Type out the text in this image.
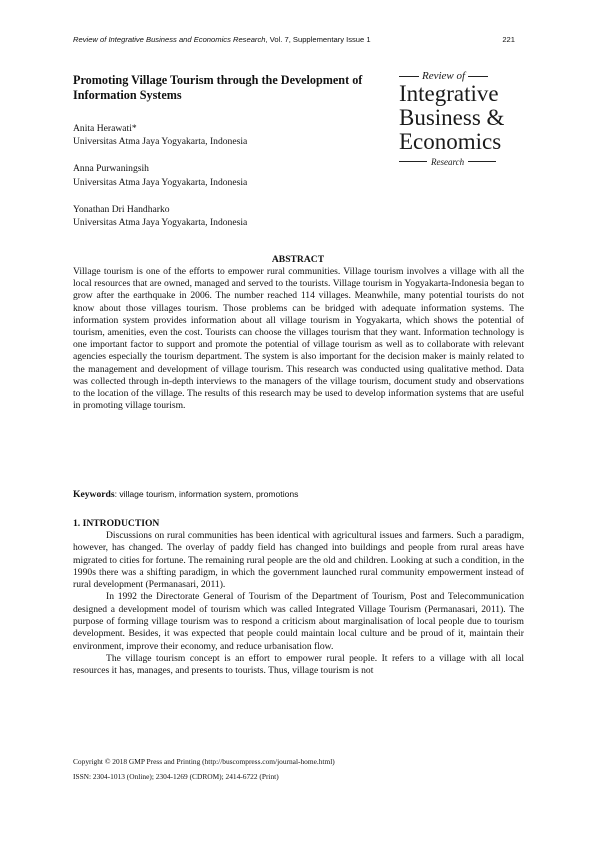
Review of Integrative Business and Economics Research, Vol. 7, Supplementary Issue 1	221
Promoting Village Tourism through the Development of Information Systems
Anita Herawati*
Universitas Atma Jaya Yogyakarta, Indonesia
Anna Purwaningsih
Universitas Atma Jaya Yogyakarta, Indonesia
Yonathan Dri Handharko
Universitas Atma Jaya Yogyakarta, Indonesia
Review of
Integrative
Business &
Economics
Research
ABSTRACT

Village tourism is one of the efforts to empower rural communities. Village tourism involves a village with all the local resources that are owned, managed and served to the tourists. Village tourism in Yogyakarta-Indonesia began to grow after the earthquake in 2006. The number reached 114 villages. Meanwhile, many potential tourists do not know about those villages tourism. Those problems can be bridged with adequate information systems. The information system provides information about all village tourism in Yogyakarta, which shows the potential of tourism, amenities, even the cost. Tourists can choose the villages tourism that they want. Information technology is one important factor to support and promote the potential of village tourism as well as to collaborate with relevant agencies especially the tourism department. The system is also important for the decision maker is mainly related to the management and development of village tourism. This research was conducted using qualitative method. Data was collected through in-depth interviews to the managers of the village tourism, document study and observations to the location of the village. The results of this research may be used to develop information systems that are useful in promoting village tourism.

Keywords: village tourism, information system, promotions
1. INTRODUCTION

Discussions on rural communities has been identical with agricultural issues and farmers. Such a paradigm, however, has changed. The overlay of paddy field has changed into buildings and people from rural areas have migrated to cities for fortune. The remaining rural people are the old and children. Looking at such a condition, in the 1990s there was a shifting paradigm, in which the government launched rural community empowerment instead of rural development (Permanasari, 2011).

In 1992 the Directorate General of Tourism of the Department of Tourism, Post and Telecommunication designed a development model of tourism which was called Integrated Village Tourism (Permanasari, 2011). The purpose of forming village tourism was to respond a criticism about marginalisation of local people due to tourism development. Besides, it was expected that people could maintain local culture and be proud of it, maintain their environment, improve their economy, and reduce urbanisation flow.

The village tourism concept is an effort to empower rural people. It refers to a village with all local resources it has, manages, and presents to tourists. Thus, village tourism is not

Copyright © 2018 GMP Press and Printing (http://buscompress.com/journal-home.html)
ISSN: 2304-1013 (Online); 2304-1269 (CDROM); 2414-6722 (Print)
